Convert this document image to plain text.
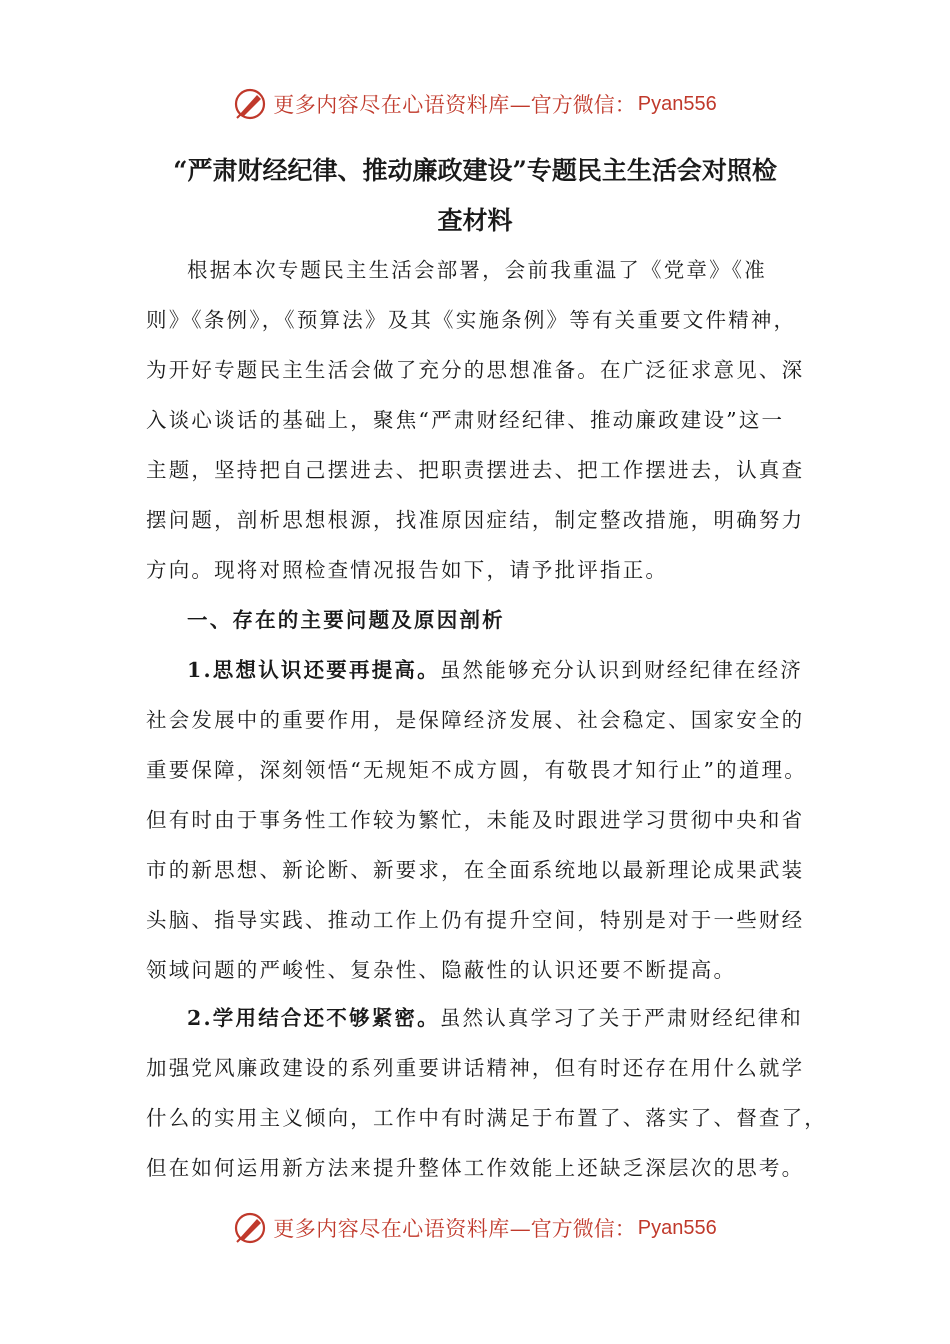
更多内容尽在心语资料库 —官方微信： Pyan556
“严肃财经纪律、推动廉政建设”专题民主生活会对照检
查材料
根据本次专题民主生活会部署，会前我重温了《党章》《准
则》《条例》，《预算法》及其《实施条例》等有关重要文件精神，
为开好专题民主生活会做了充分的思想准备。在广泛征求意见、深
入谈心谈话的基础上，聚焦“严肃财经纪律、推动廉政建设”这一
主题，坚持把自己摆进去、把职责摆进去、把工作摆进去，认真查
摆问题，剖析思想根源，找准原因症结，制定整改措施，明确努力
方向。现将对照检查情况报告如下，请予批评指正。
一、存在的主要问题及原因剖析
1.思想认识还要再提高。虽然能够充分认识到财经纪律在经济
社会发展中的重要作用，是保障经济发展、社会稳定、国家安全的
重要保障，深刻领悟“无规矩不成方圆，有敬畏才知行止”的道理。
但有时由于事务性工作较为繁忙，未能及时跟进学习贯彻中央和省
市的新思想、新论断、新要求，在全面系统地以最新理论成果武装
头脑、指导实践、推动工作上仍有提升空间，特别是对于一些财经
领域问题的严峻性、复杂性、隐蔽性的认识还要不断提高。
2.学用结合还不够紧密。虽然认真学习了关于严肃财经纪律和
加强党风廉政建设的系列重要讲话精神，但有时还存在用什么就学
什么的实用主义倾向，工作中有时满足于布置了、落实了、督查了，
但在如何运用新方法来提升整体工作效能上还缺乏深层次的思考。
更多内容尽在心语资料库 —官方微信： Pyan556
